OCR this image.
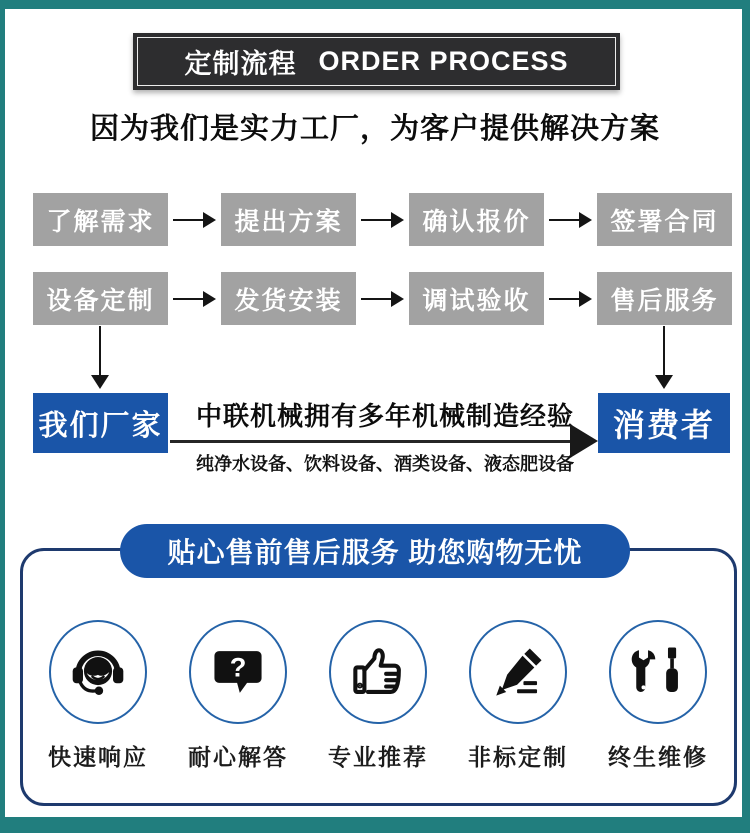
定制流程 ORDER PROCESS
因为我们是实力工厂，为客户提供解决方案
了解需求	提出方案	确认报价	签署合同
设备定制	发货安装	调试验收	售后服务
我们厂家	中联机械拥有多年机械制造经验
纯净水设备、饮料设备、酒类设备、液态肥设备
消费者
贴心售前售后服务 助您购物无忧
快速响应
?
耐心解答 专业推荐 非标定制 终生维修
